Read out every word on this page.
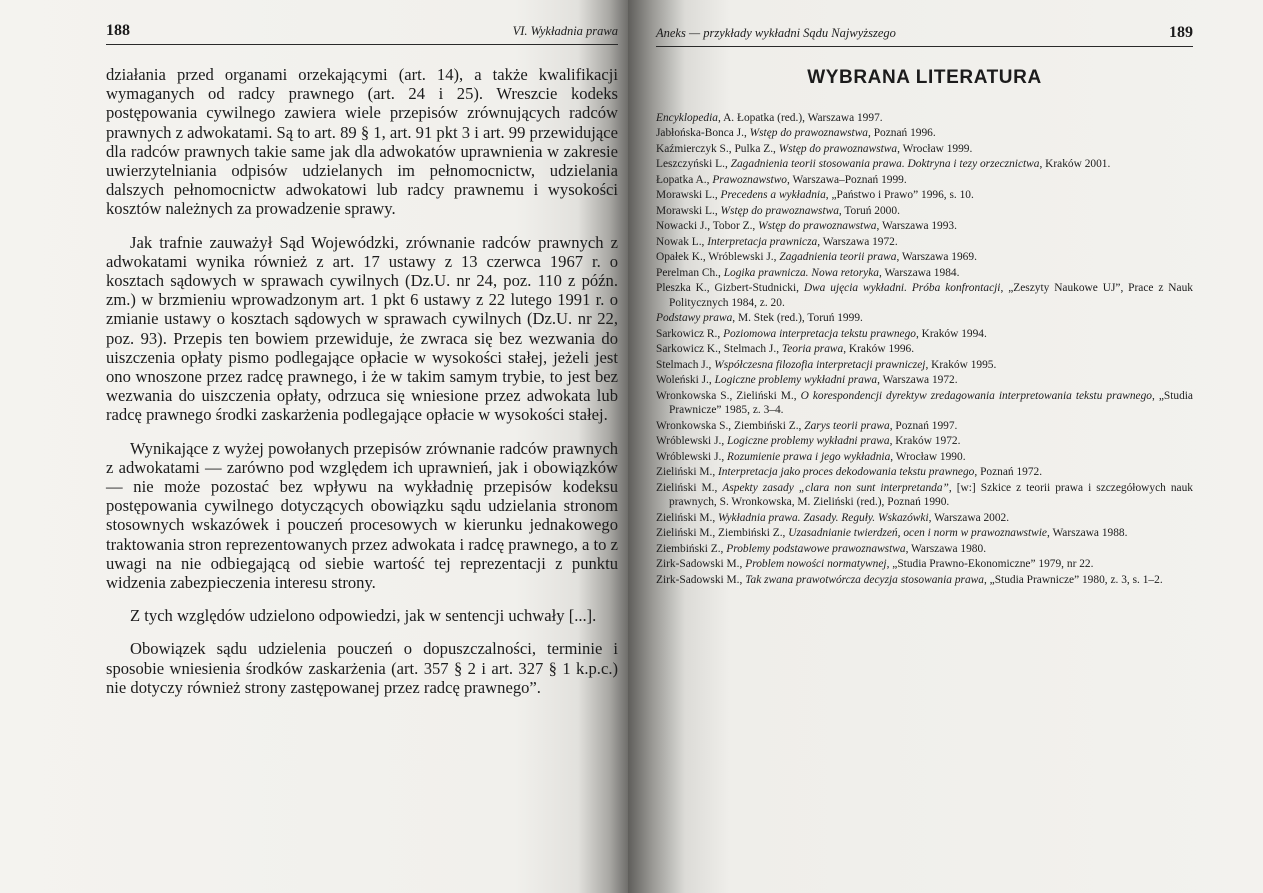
188	VI. Wykładnia prawa

działania przed organami orzekającymi (art. 14), a także kwalifikacji wymaganych od radcy prawnego (art. 24 i 25). Wreszcie kodeks postępowania cywilnego zawiera wiele przepisów zrównujących radców prawnych z adwokatami. Są to art. 89 § 1, art. 91 pkt 3 i art. 99 przewidujące dla radców prawnych takie same jak dla adwokatów uprawnienia w zakresie uwierzytelniania odpisów udzielanych im pełnomocnictw, udzielania dalszych pełnomocnictw adwokatowi lub radcy prawnemu i wysokości kosztów należnych za prowadzenie sprawy.

Jak trafnie zauważył Sąd Wojewódzki, zrównanie radców prawnych z adwokatami wynika również z art. 17 ustawy z 13 czerwca 1967 r. o kosztach sądowych w sprawach cywilnych (Dz.U. nr 24, poz. 110 z późn. zm.) w brzmieniu wprowadzonym art. 1 pkt 6 ustawy z 22 lutego 1991 r. o zmianie ustawy o kosztach sądowych w sprawach cywilnych (Dz.U. nr 22, poz. 93). Przepis ten bowiem przewiduje, że zwraca się bez wezwania do uiszczenia opłaty pismo podlegające opłacie w wysokości stałej, jeżeli jest ono wnoszone przez radcę prawnego, i że w takim samym trybie, to jest bez wezwania do uiszczenia opłaty, odrzuca się wniesione przez adwokata lub radcę prawnego środki zaskarżenia podlegające opłacie w wysokości stałej.

Wynikające z wyżej powołanych przepisów zrównanie radców prawnych z adwokatami — zarówno pod względem ich uprawnień, jak i obowiązków — nie może pozostać bez wpływu na wykładnię przepisów kodeksu postępowania cywilnego dotyczących obowiązku sądu udzielania stronom stosownych wskazówek i pouczeń procesowych w kierunku jednakowego traktowania stron reprezentowanych przez adwokata i radcę prawnego, a to z uwagi na nie odbiegającą od siebie wartość tej reprezentacji z punktu widzenia zabezpieczenia interesu strony.

Z tych względów udzielono odpowiedzi, jak w sentencji uchwały [...].

Obowiązek sądu udzielenia pouczeń o dopuszczalności, terminie i sposobie wniesienia środków zaskarżenia (art. 357 § 2 i art. 327 § 1 k.p.c.) nie dotyczy również strony zastępowanej przez radcę prawnego”.

Aneks — przykłady wykładni Sądu Najwyższego	189
WYBRANA LITERATURA
Encyklopedia, A. Łopatka (red.), Warszawa 1997.
Jabłońska-Bonca J., Wstęp do prawoznawstwa, Poznań 1996.
Kaźmierczyk S., Pulka Z., Wstęp do prawoznawstwa, Wrocław 1999.
Leszczyński L., Zagadnienia teorii stosowania prawa. Doktryna i tezy orzecznictwa, Kraków 2001.
Łopatka A., Prawoznawstwo, Warszawa–Poznań 1999.
Morawski L., Precedens a wykładnia, „Państwo i Prawo” 1996, s. 10.
Morawski L., Wstęp do prawoznawstwa, Toruń 2000.
Nowacki J., Tobor Z., Wstęp do prawoznawstwa, Warszawa 1993.
Nowak L., Interpretacja prawnicza, Warszawa 1972.
Opałek K., Wróblewski J., Zagadnienia teorii prawa, Warszawa 1969.
Perelman Ch., Logika prawnicza. Nowa retoryka, Warszawa 1984.
Pleszka K., Gizbert-Studnicki, Dwa ujęcia wykładni. Próba konfrontacji, „Zeszyty Naukowe UJ”, Prace z Nauk Politycznych 1984, z. 20.
Podstawy prawa, M. Stek (red.), Toruń 1999.
Sarkowicz R., Poziomowa interpretacja tekstu prawnego, Kraków 1994.
Sarkowicz K., Stelmach J., Teoria prawa, Kraków 1996.
Stelmach J., Współczesna filozofia interpretacji prawniczej, Kraków 1995.
Woleński J., Logiczne problemy wykładni prawa, Warszawa 1972.
Wronkowska S., Zieliński M., O korespondencji dyrektyw zredagowania interpretowania tekstu prawnego, „Studia Prawnicze” 1985, z. 3–4.
Wronkowska S., Ziembiński Z., Zarys teorii prawa, Poznań 1997.
Wróblewski J., Logiczne problemy wykładni prawa, Kraków 1972.
Wróblewski J., Rozumienie prawa i jego wykładnia, Wrocław 1990.
Zieliński M., Interpretacja jako proces dekodowania tekstu prawnego, Poznań 1972.
Zieliński M., Aspekty zasady „clara non sunt interpretanda”, [w:] Szkice z teorii prawa i szczegółowych nauk prawnych, S. Wronkowska, M. Zieliński (red.), Poznań 1990.
Zieliński M., Wykładnia prawa. Zasady. Reguły. Wskazówki, Warszawa 2002.
Zieliński M., Ziembiński Z., Uzasadnianie twierdzeń, ocen i norm w prawoznawstwie, Warszawa 1988.
Ziembiński Z., Problemy podstawowe prawoznawstwa, Warszawa 1980.
Zirk-Sadowski M., Problem nowości normatywnej, „Studia Prawno-Ekonomiczne” 1979, nr 22.
Zirk-Sadowski M., Tak zwana prawotwórcza decyzja stosowania prawa, „Studia Prawnicze” 1980, z. 3, s. 1–2.
